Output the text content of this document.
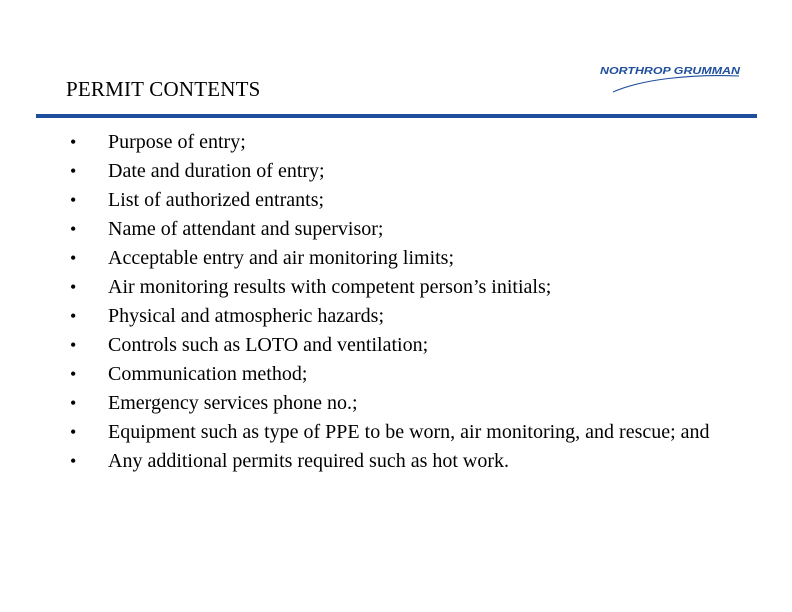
PERMIT CONTENTS
NORTHROP GRUMMAN
•	Purpose of entry;
•	Date and duration of entry;
•	List of authorized entrants;
•	Name of attendant and supervisor;
•	Acceptable entry and air monitoring limits;
•	Air monitoring results with competent person’s initials;
•	Physical and atmospheric hazards;
•	Controls such as LOTO and ventilation;
•	Communication method;
•	Emergency services phone no.;
•	Equipment such as type of PPE to be worn, air monitoring, and rescue; and
•	Any additional permits required such as hot work.
